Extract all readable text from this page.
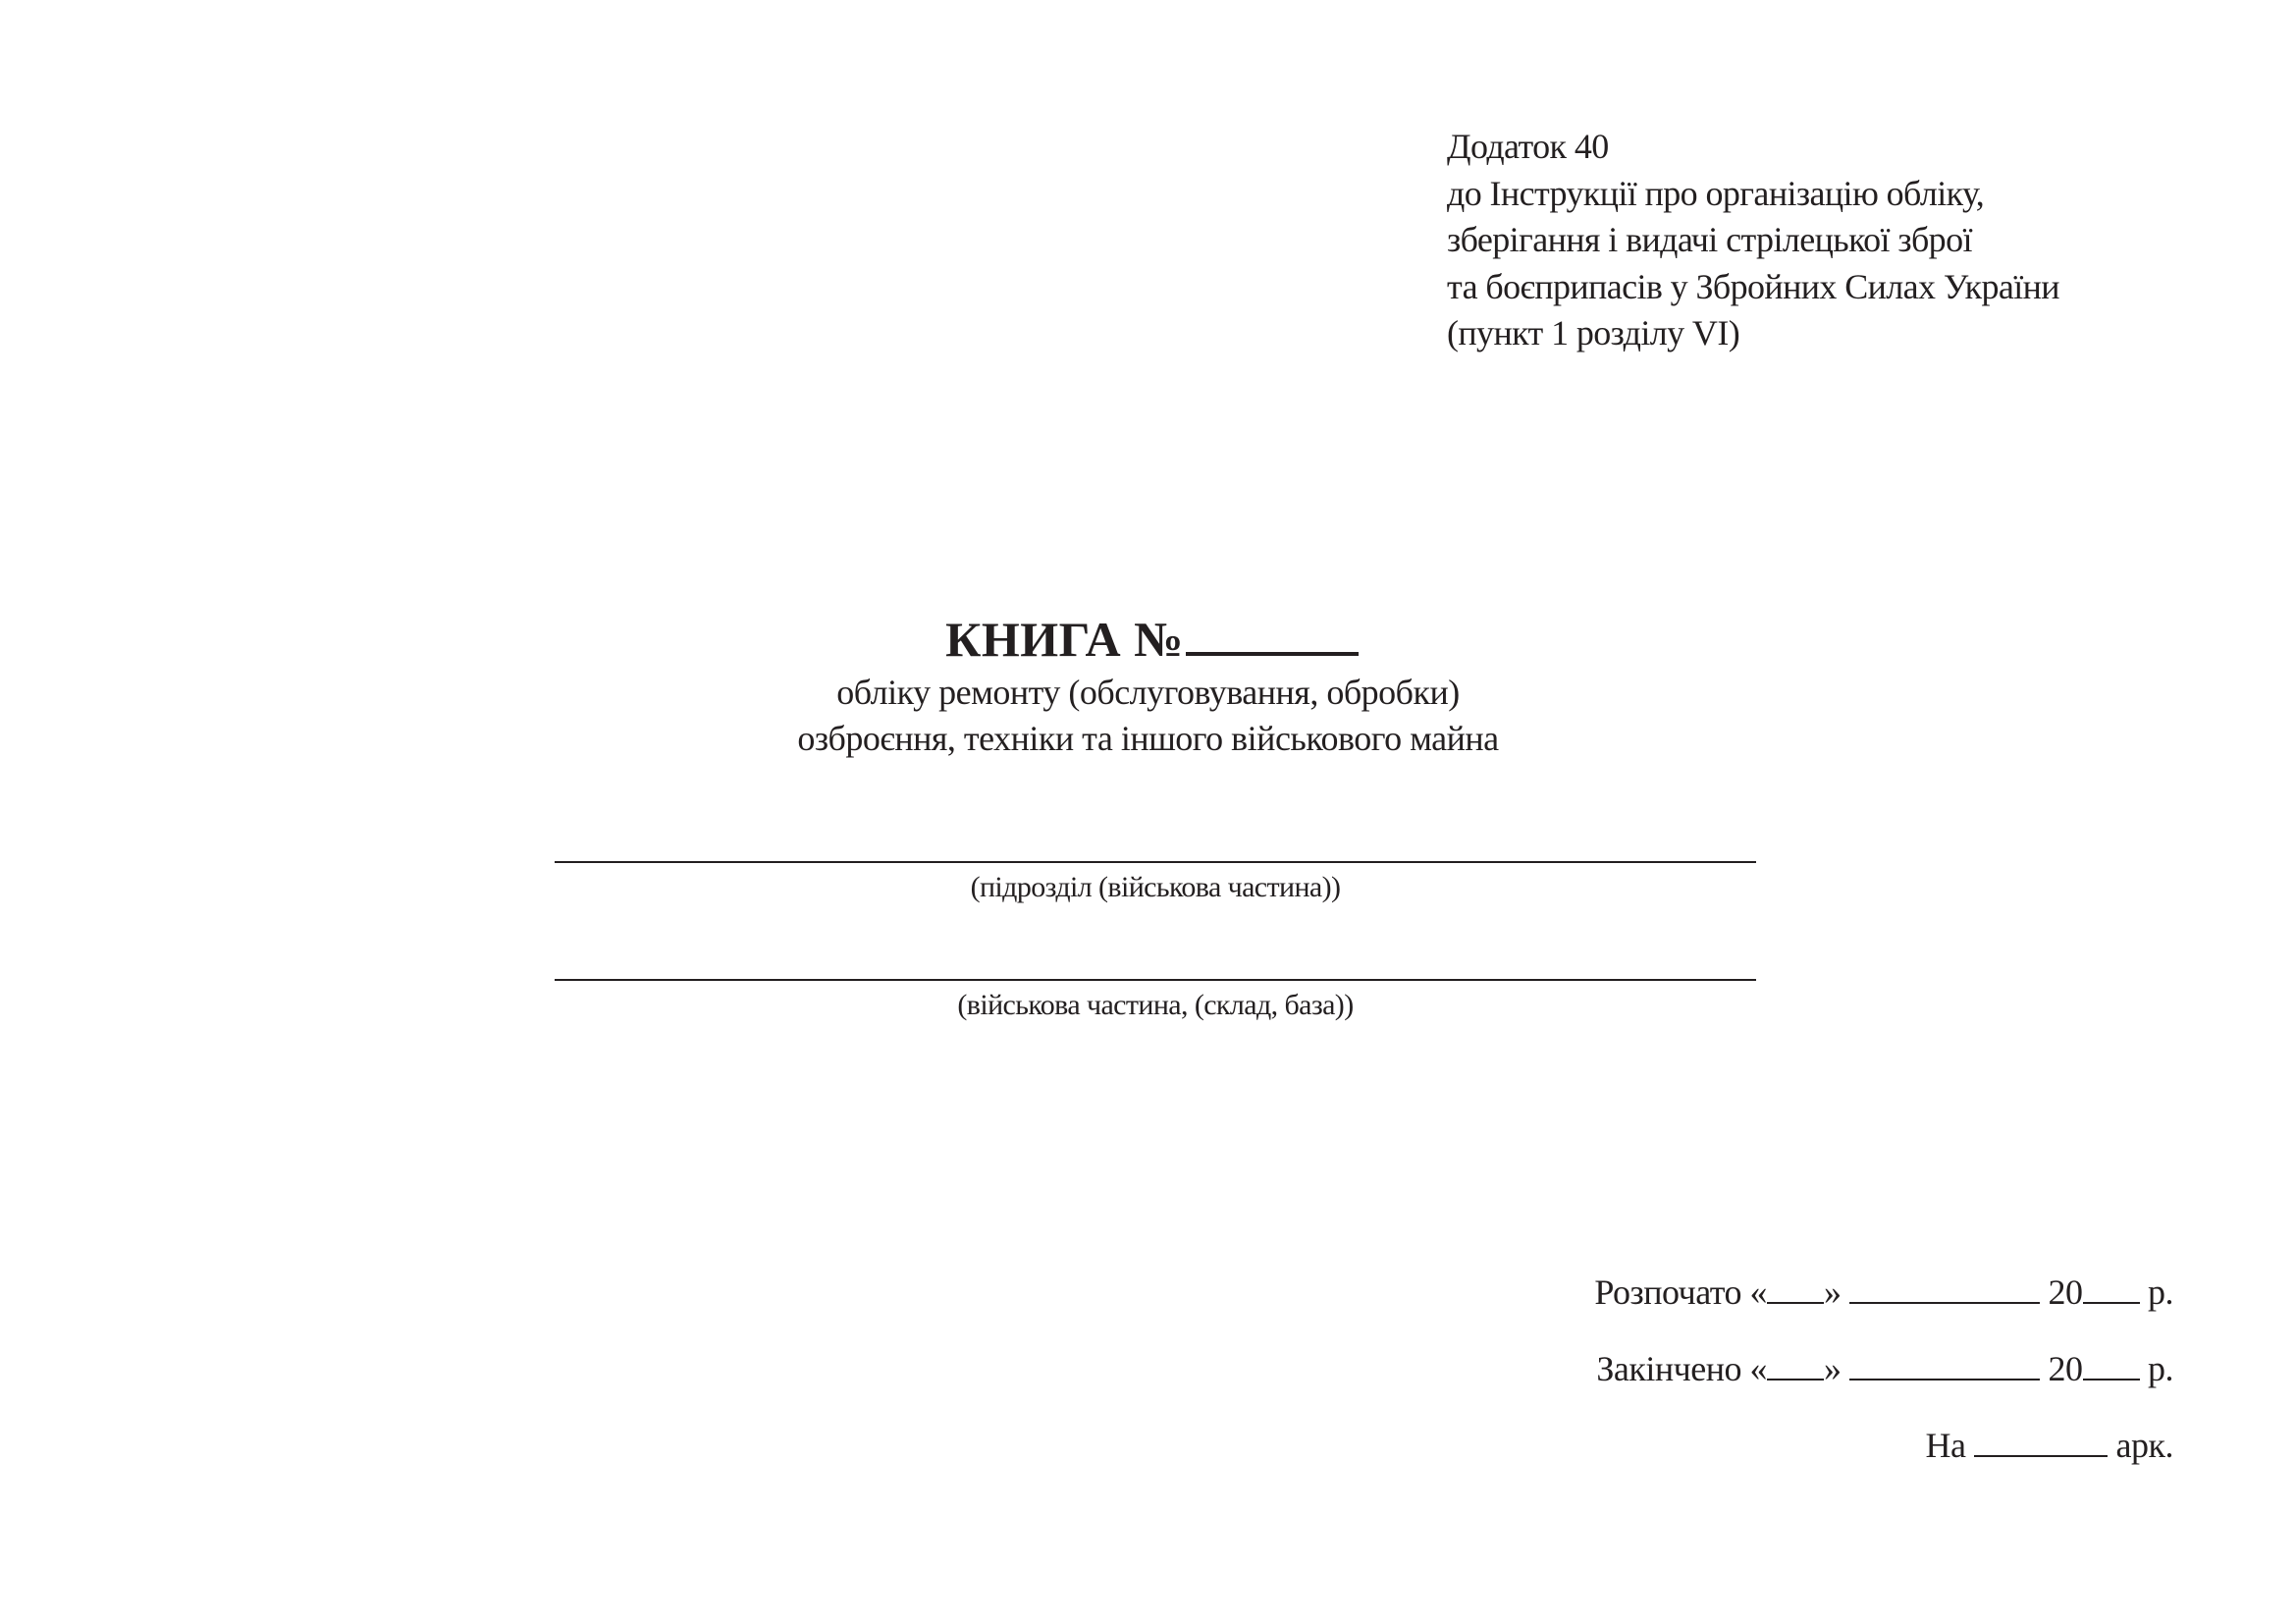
Додаток 40
до Інструкції про організацію обліку,
зберігання і видачі стрілецької зброї
та боєприпасів у Збройних Силах України
(пункт 1 розділу VI)
КНИГА №
обліку ремонту (обслуговування, обробки)
озброєння, техніки та іншого військового майна
(підрозділ (військова частина))
(військова частина, (склад, база))
Розпочато « »	20 р.
Закінчено « »	20 р.
На	арк.
